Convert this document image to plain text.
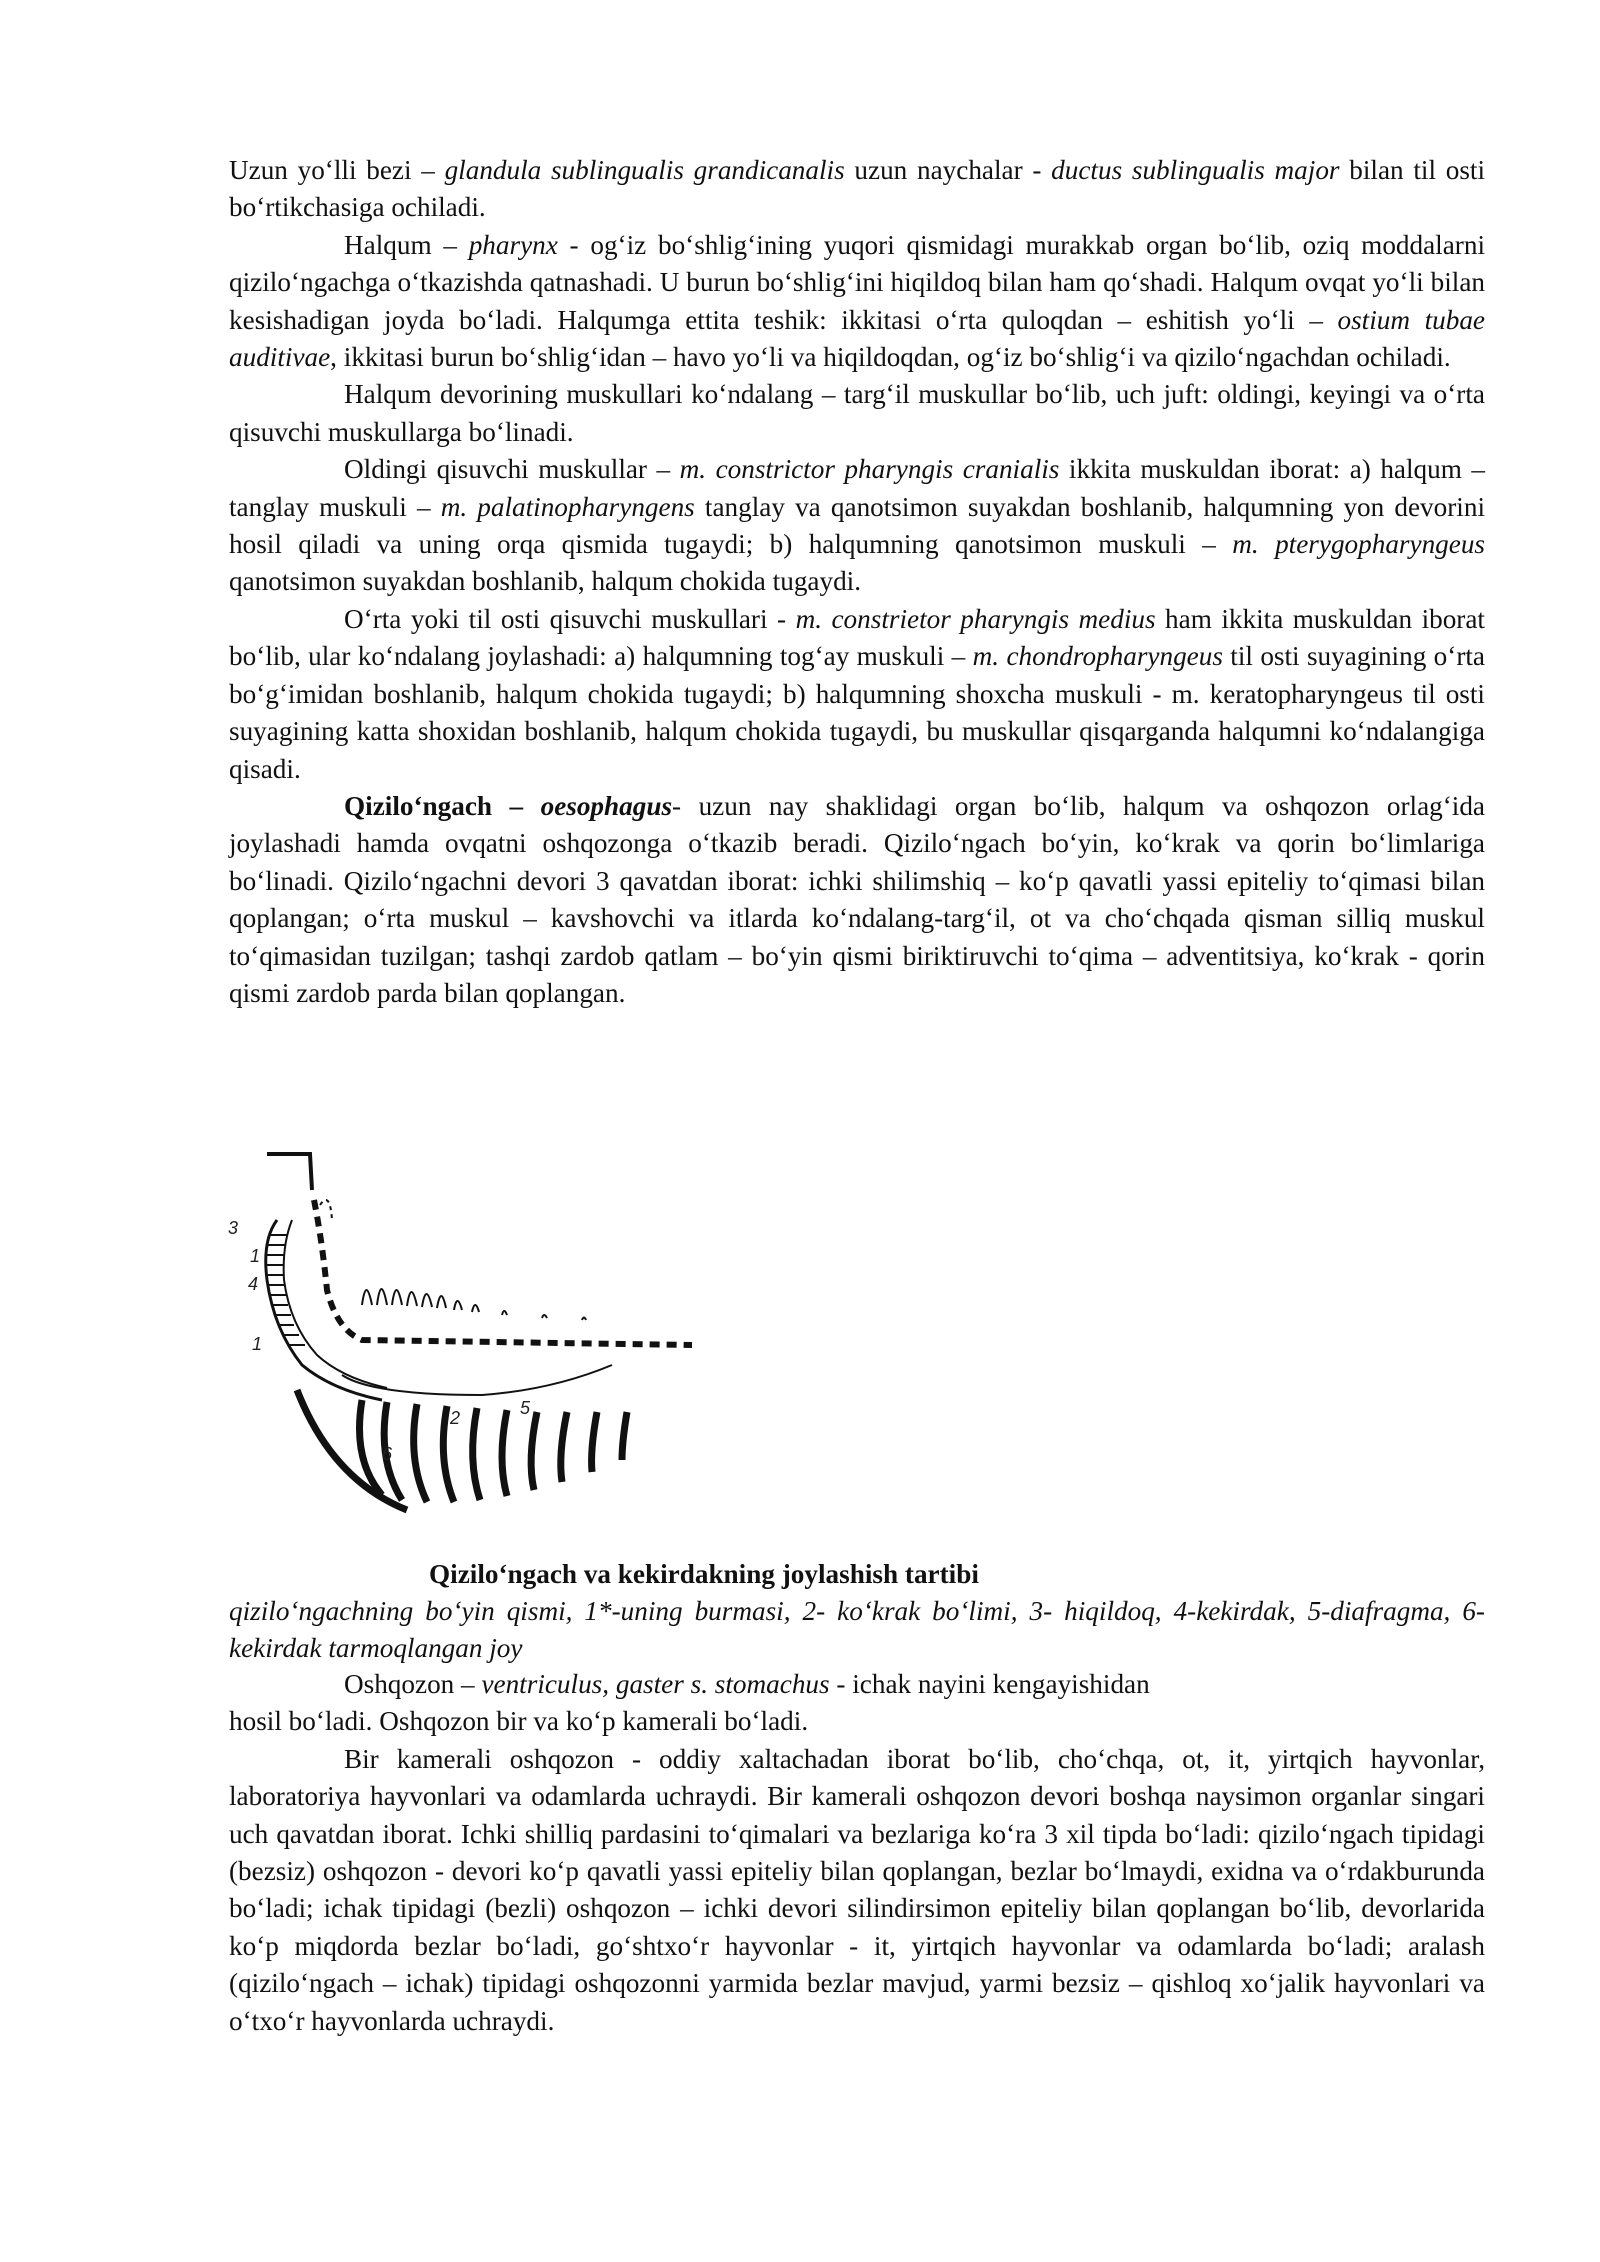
Uzun yo‘lli bezi – glandula sublingualis grandicanalis uzun naychalar - ductus sublingualis major bilan til osti bo‘rtikchasiga ochiladi.

Halqum – pharynx - og‘iz bo‘shlig‘ining yuqori qismidagi murakkab organ bo‘lib, oziq moddalarni qizilo‘ngachga o‘tkazishda qatnashadi. U burun bo‘shlig‘ini hiqildoq bilan ham qo‘shadi. Halqum ovqat yo‘li bilan kesishadigan joyda bo‘ladi. Halqumga ettita teshik: ikkitasi o‘rta quloqdan – eshitish yo‘li – ostium tubae auditivae, ikkitasi burun bo‘shlig‘idan – havo yo‘li va hiqildoqdan, og‘iz bo‘shlig‘i va qizilo‘ngachdan ochiladi.

Halqum devorining muskullari ko‘ndalang – targ‘il muskullar bo‘lib, uch juft: oldingi, keyingi va o‘rta qisuvchi muskullarga bo‘linadi.

Oldingi qisuvchi muskullar – m. constrictor pharyngis cranialis ikkita muskuldan iborat: a) halqum – tanglay muskuli – m. palatinopharyngens tanglay va qanotsimon suyakdan boshlanib, halqumning yon devorini hosil qiladi va uning orqa qismida tugaydi; b) halqumning qanotsimon muskuli – m. pterygopharyngeus qanotsimon suyakdan boshlanib, halqum chokida tugaydi.

O‘rta yoki til osti qisuvchi muskullari - m. constrietor pharyngis medius ham ikkita muskuldan iborat bo‘lib, ular ko‘ndalang joylashadi: a) halqumning tog‘ay muskuli – m. chondropharyngeus til osti suyagining o‘rta bo‘g‘imidan boshlanib, halqum chokida tugaydi; b) halqumning shoxcha muskuli - m. keratopharyngeus til osti suyagining katta shoxidan boshlanib, halqum chokida tugaydi, bu muskullar qisqarganda halqumni ko‘ndalangiga qisadi.

Qizilo‘ngach – oesophagus- uzun nay shaklidagi organ bo‘lib, halqum va oshqozon orlag‘ida joylashadi hamda ovqatni oshqozonga o‘tkazib beradi. Qizilo‘ngach bo‘yin, ko‘krak va qorin bo‘limlariga bo‘linadi. Qizilo‘ngachni devori 3 qavatdan iborat: ichki shilimshiq – ko‘p qavatli yassi epiteliy to‘qimasi bilan qoplangan; o‘rta muskul – kavshovchi va itlarda ko‘ndalang-targ‘il, ot va cho‘chqada qisman silliq muskul to‘qimasidan tuzilgan; tashqi zardob qatlam – bo‘yin qismi biriktiruvchi to‘qima – adventitsiya, ko‘krak - qorin qismi zardob parda bilan qoplangan.

3
1
4
1
6
2	5
Qizilo‘ngach va kekirdakning joylashish tartibi
qizilo‘ngachning bo‘yin qismi, 1*-uning burmasi, 2- ko‘krak bo‘limi, 3- hiqildoq, 4-kekirdak, 5-diafragma, 6-kekirdak tarmoqlangan joy

Oshqozon – ventriculus, gaster s. stomachus - ichak nayini kengayishidan

hosil bo‘ladi. Oshqozon bir va ko‘p kamerali bo‘ladi.

Bir kamerali oshqozon - oddiy xaltachadan iborat bo‘lib, cho‘chqa, ot, it, yirtqich hayvonlar, laboratoriya hayvonlari va odamlarda uchraydi. Bir kamerali oshqozon devori boshqa naysimon organlar singari uch qavatdan iborat. Ichki shilliq pardasini to‘qimalari va bezlariga ko‘ra 3 xil tipda bo‘ladi: qizilo‘ngach tipidagi (bezsiz) oshqozon - devori ko‘p qavatli yassi epiteliy bilan qoplangan, bezlar bo‘lmaydi, exidna va o‘rdakburunda bo‘ladi; ichak tipidagi (bezli) oshqozon – ichki devori silindirsimon epiteliy bilan qoplangan bo‘lib, devorlarida ko‘p miqdorda bezlar bo‘ladi, go‘shtxo‘r hayvonlar - it, yirtqich hayvonlar va odamlarda bo‘ladi; aralash (qizilo‘ngach – ichak) tipidagi oshqozonni yarmida bezlar mavjud, yarmi bezsiz – qishloq xo‘jalik hayvonlari va o‘txo‘r hayvonlarda uchraydi.
